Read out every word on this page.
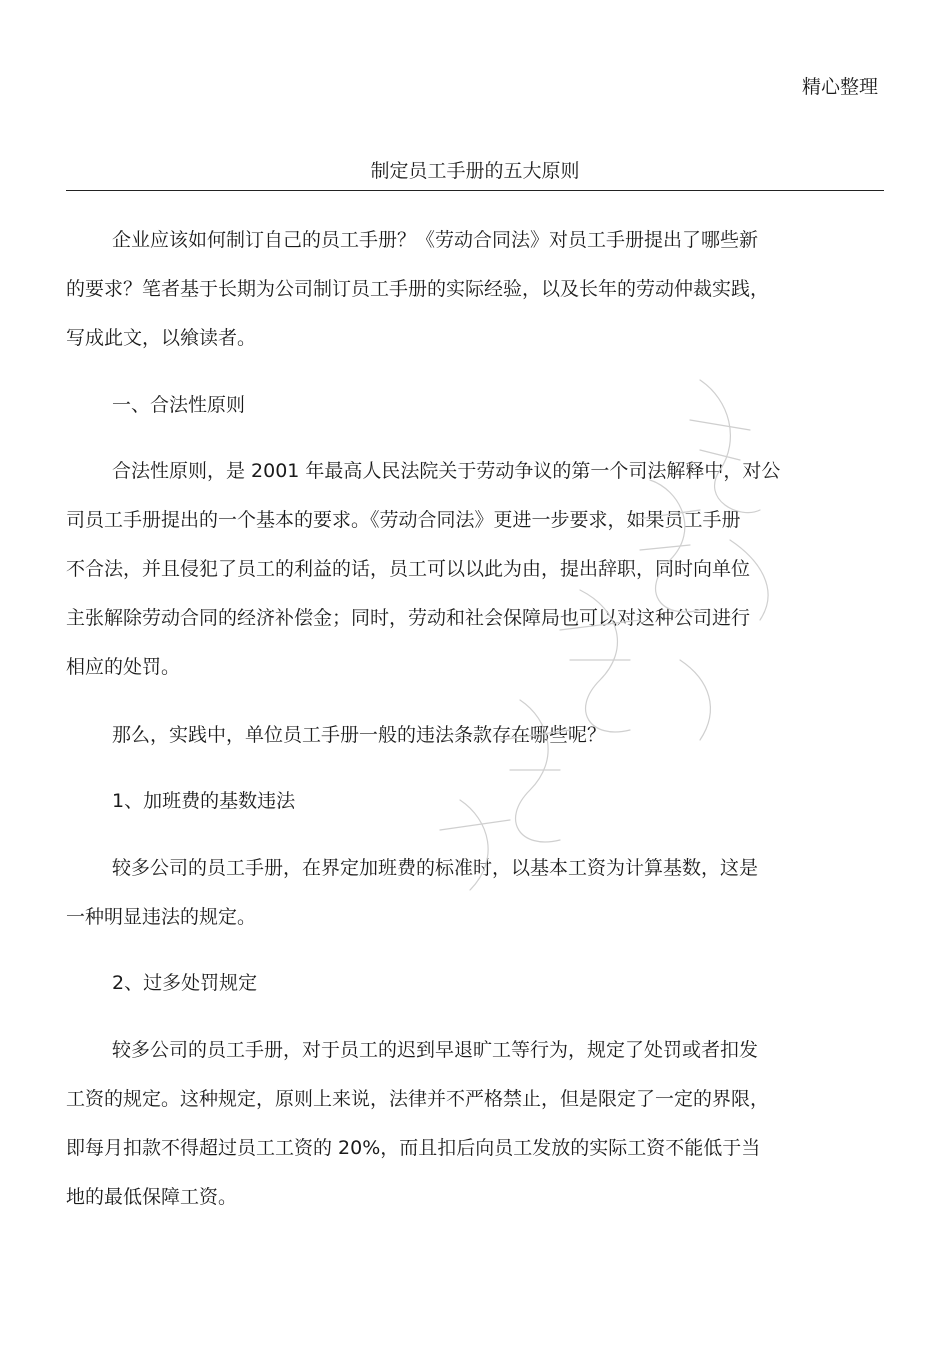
精心整理
制定员工手册的五大原则
企业应该如何制订自己的员工手册？《劳动合同法》对员工手册提出了哪些新
的要求？笔者基于长期为公司制订员工手册的实际经验，以及长年的劳动仲裁实践，
写成此文，以飨读者。
一、合法性原则
合法性原则，是 2001 年最高人民法院关于劳动争议的第一个司法解释中，对公
司员工手册提出的一个基本的要求。《劳动合同法》更进一步要求，如果员工手册
不合法，并且侵犯了员工的利益的话，员工可以以此为由，提出辞职，同时向单位
主张解除劳动合同的经济补偿金；同时，劳动和社会保障局也可以对这种公司进行
相应的处罚。
那么，实践中，单位员工手册一般的违法条款存在哪些呢？
1、加班费的基数违法
较多公司的员工手册，在界定加班费的标准时，以基本工资为计算基数，这是
一种明显违法的规定。
2、过多处罚规定
较多公司的员工手册，对于员工的迟到早退旷工等行为，规定了处罚或者扣发
工资的规定。这种规定，原则上来说，法律并不严格禁止，但是限定了一定的界限，
即每月扣款不得超过员工工资的 20%，而且扣后向员工发放的实际工资不能低于当
地的最低保障工资。
